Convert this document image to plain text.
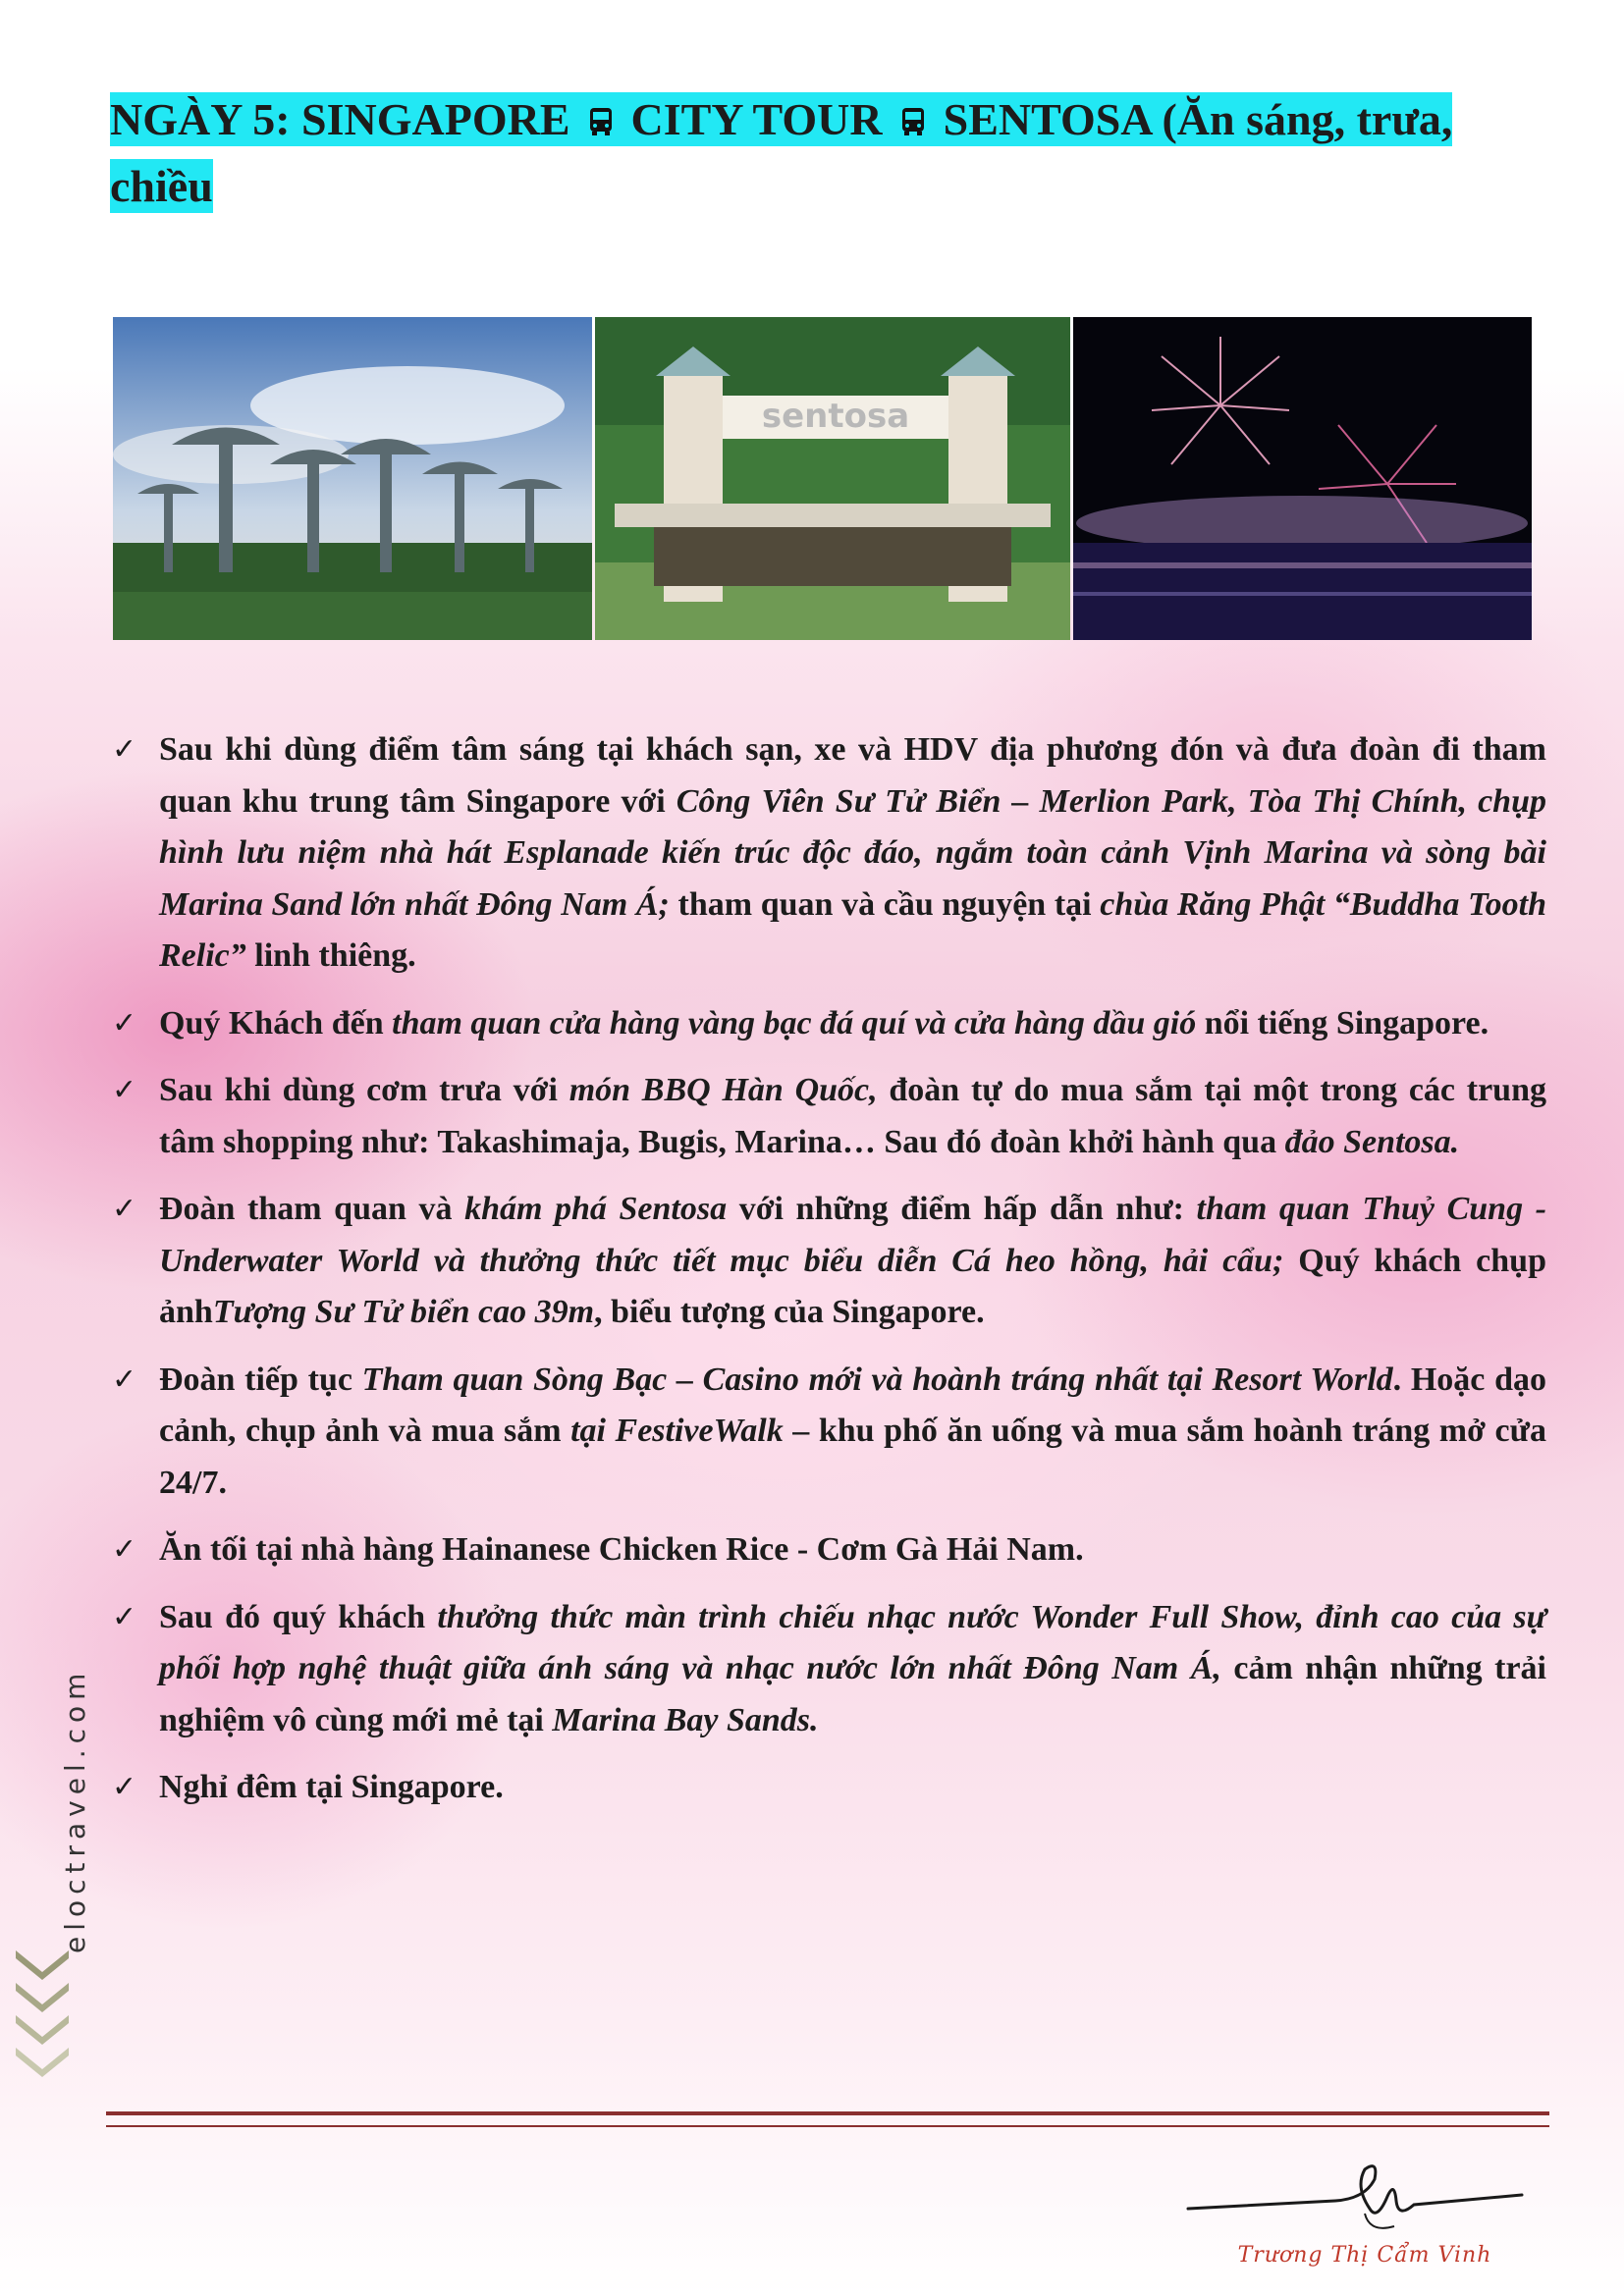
NGÀY 5: SINGAPORE CITY TOUR SENTOSA (Ăn sáng, trưa, chiều
sentosa
✓ Sau khi dùng điểm tâm sáng tại khách sạn, xe và HDV địa phương đón và đưa đoàn đi tham quan khu trung tâm Singapore với Công Viên Sư Tử Biển – Merlion Park, Tòa Thị Chính, chụp hình lưu niệm nhà hát Esplanade kiến trúc độc đáo, ngắm toàn cảnh Vịnh Marina và sòng bài Marina Sand lớn nhất Đông Nam Á; tham quan và cầu nguyện tại chùa Răng Phật “Buddha Tooth Relic” linh thiêng.
✓ Quý Khách đến tham quan cửa hàng vàng bạc đá quí và cửa hàng dầu gió nổi tiếng Singapore.
✓ Sau khi dùng cơm trưa với món BBQ Hàn Quốc, đoàn tự do mua sắm tại một trong các trung tâm shopping như: Takashimaja, Bugis, Marina… Sau đó đoàn khởi hành qua đảo Sentosa.
✓ Đoàn tham quan và khám phá Sentosa với những điểm hấp dẫn như: tham quan Thuỷ Cung - Underwater World và thưởng thức tiết mục biểu diễn Cá heo hồng, hải cẩu; Quý khách chụp ảnhTượng Sư Tử biển cao 39m, biểu tượng của Singapore.
✓ Đoàn tiếp tục Tham quan Sòng Bạc – Casino mới và hoành tráng nhất tại Resort World. Hoặc dạo cảnh, chụp ảnh và mua sắm tại FestiveWalk – khu phố ăn uống và mua sắm hoành tráng mở cửa 24/7.
✓ Ăn tối tại nhà hàng Hainanese Chicken Rice - Cơm Gà Hải Nam.
✓ Sau đó quý khách thưởng thức màn trình chiếu nhạc nước Wonder Full Show, đỉnh cao của sự phối hợp nghệ thuật giữa ánh sáng và nhạc nước lớn nhất Đông Nam Á, cảm nhận những trải nghiệm vô cùng mới mẻ tại Marina Bay Sands.
✓ Nghỉ đêm tại Singapore.
eloctravel.com
Trương Thị Cẩm Vinh
